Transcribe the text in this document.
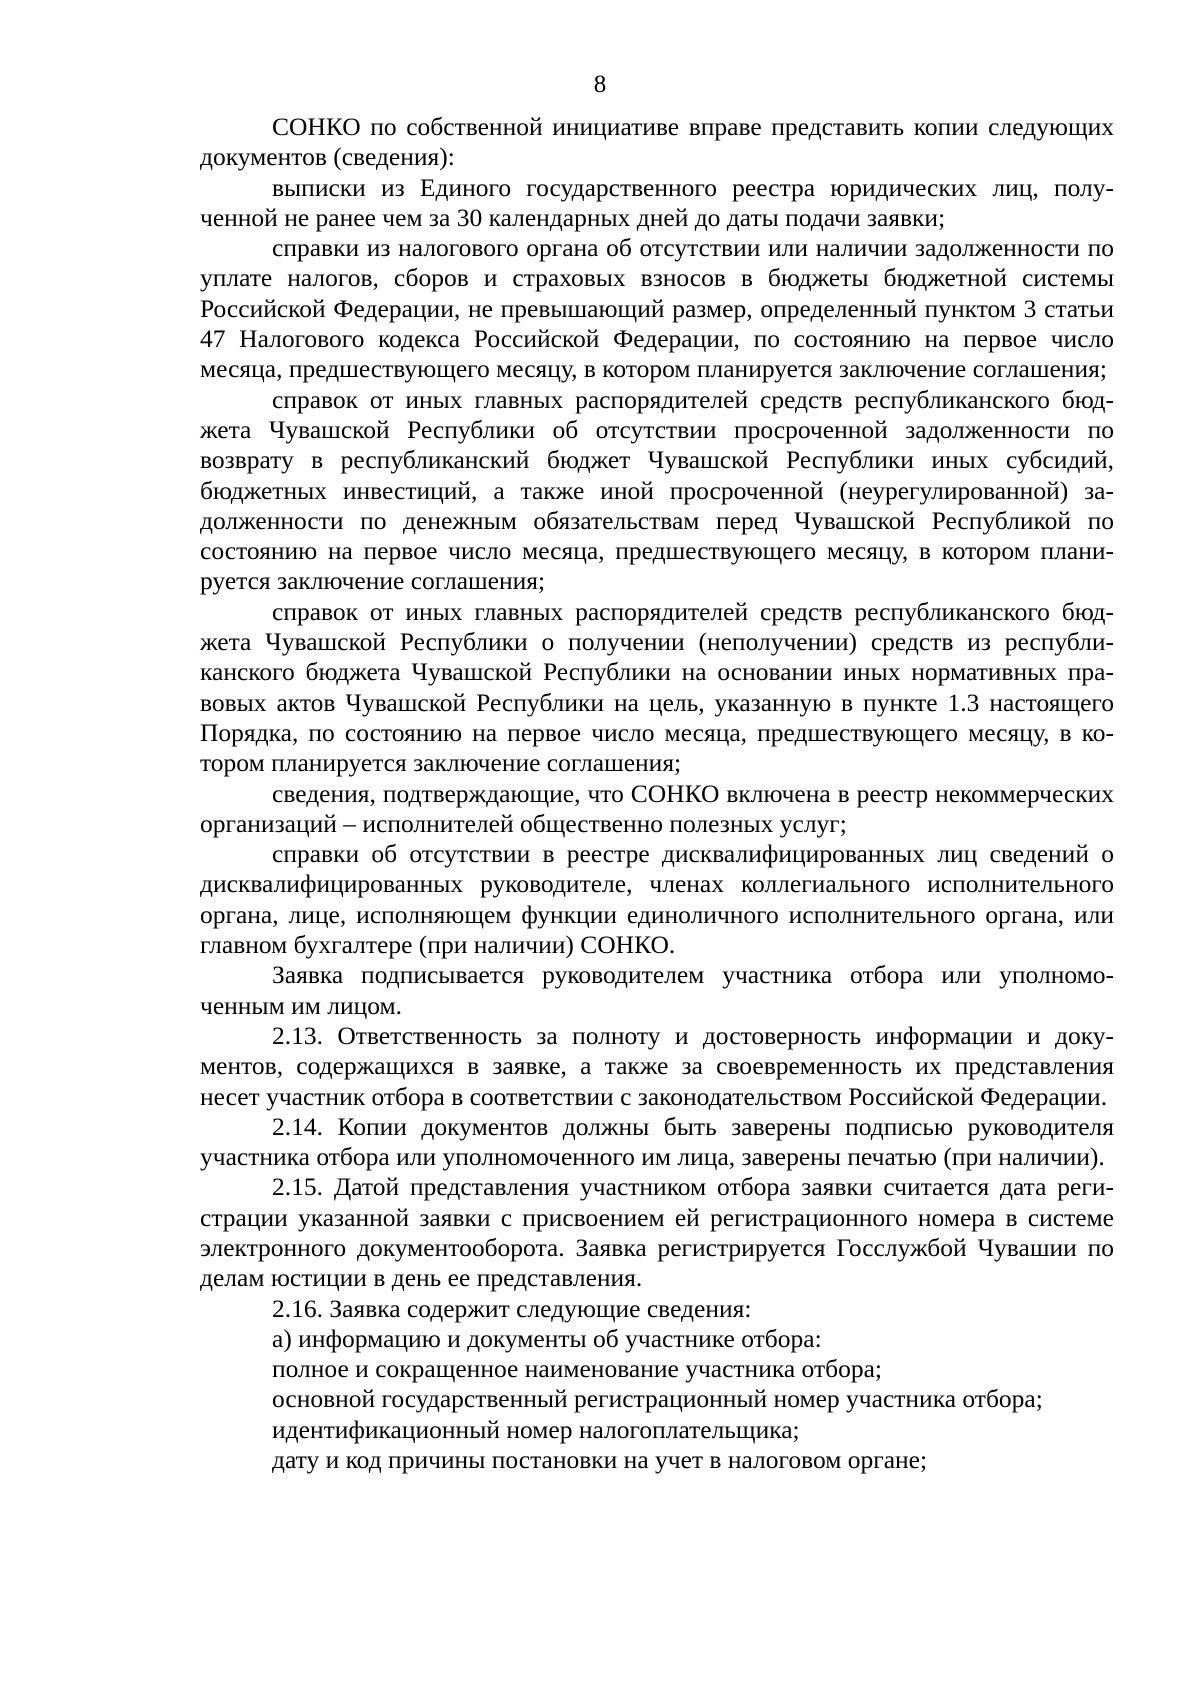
8

СОНКО по собственной инициативе вправе представить копии следующих документов (сведения):

выписки из Единого государственного реестра юридических лиц, полученной не ранее чем за 30 календарных дней до даты подачи заявки;

справки из налогового органа об отсутствии или наличии задолженности по уплате налогов, сборов и страховых взносов в бюджеты бюджетной системы Российской Федерации, не превышающий размер, определенный пунктом 3 статьи 47 Налогового кодекса Российской Федерации, по состоянию на первое число месяца, предшествующего месяцу, в котором планируется заключение соглашения;

справок от иных главных распорядителей средств республиканского бюджета Чувашской Республики об отсутствии просроченной задолженности по возврату в республиканский бюджет Чувашской Республики иных субсидий, бюджетных инвестиций, а также иной просроченной (неурегулированной) задолженности по денежным обязательствам перед Чувашской Республикой по состоянию на первое число месяца, предшествующего месяцу, в котором планируется заключение соглашения;

справок от иных главных распорядителей средств республиканского бюджета Чувашской Республики о получении (неполучении) средств из республиканского бюджета Чувашской Республики на основании иных нормативных правовых актов Чувашской Республики на цель, указанную в пункте 1.3 настоящего Порядка, по состоянию на первое число месяца, предшествующего месяцу, в котором планируется заключение соглашения;

сведения, подтверждающие, что СОНКО включена в реестр некоммерческих организаций – исполнителей общественно полезных услуг;

справки об отсутствии в реестре дисквалифицированных лиц сведений о дисквалифицированных руководителе, членах коллегиального исполнительного органа, лице, исполняющем функции единоличного исполнительного органа, или главном бухгалтере (при наличии) СОНКО.

Заявка подписывается руководителем участника отбора или уполномоченным им лицом.

2.13. Ответственность за полноту и достоверность информации и документов, содержащихся в заявке, а также за своевременность их представления несет участник отбора в соответствии с законодательством Российской Федерации.

2.14. Копии документов должны быть заверены подписью руководителя участника отбора или уполномоченного им лица, заверены печатью (при наличии).

2.15. Датой представления участником отбора заявки считается дата регистрации указанной заявки с присвоением ей регистрационного номера в системе электронного документооборота. Заявка регистрируется Госслужбой Чувашии по делам юстиции в день ее представления.

2.16. Заявка содержит следующие сведения:

а) информацию и документы об участнике отбора:

полное и сокращенное наименование участника отбора;

основной государственный регистрационный номер участника отбора;

идентификационный номер налогоплательщика;

дату и код причины постановки на учет в налоговом органе;
